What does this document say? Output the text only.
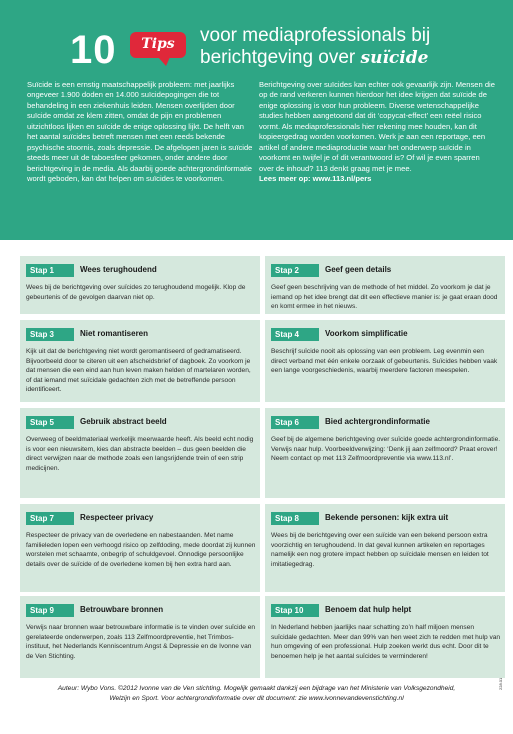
10	Tips	voor mediaprofessionals bij
berichtgeving over suïcide
Suïcide is een ernstig maatschappelijk probleem: met jaarlijks ongeveer 1.900 doden en 14.000 suïcidepogingen die tot behandeling in een ziekenhuis leiden. Mensen overlijden door suïcide omdat ze klem zitten, omdat de pijn en problemen uitzichtloos lijken en suïcide de enige oplossing lijkt. De helft van het aantal suïcides betreft mensen met een reeds bekende psychische stoornis, zoals depressie. De afgelopen jaren is suïcide steeds meer uit de taboesfeer gekomen, onder andere door berichtgeving in de media. Als daarbij goede achtergrondinformatie wordt geboden, kan dat helpen om suïcides te voorkomen.
Berichtgeving over suïcides kan echter ook gevaarlijk zijn. Mensen die op de rand verkeren kunnen hierdoor het idee krijgen dat suïcide de enige oplossing is voor hun probleem. Diverse wetenschappelijke studies hebben aangetoond dat dit ‘copycat-effect’ een reëel risico vormt. Als mediaprofessionals hier rekening mee houden, kan dit kopieergedrag worden voorkomen. Werk je aan een reportage, een artikel of andere mediaproductie waar het onderwerp suïcide in voorkomt en twijfel je of dit verantwoord is? Of wil je even sparren over de inhoud? 113 denkt graag met je mee.
Lees meer op: www.113.nl/pers
Stap 1	Wees terughoudend
Wees bij de berichtgeving over suïcides zo terughoudend mogelijk. Klop de gebeurtenis of de gevolgen daarvan niet op.
Stap 2	Geef geen details
Geef geen beschrijving van de methode of het middel. Zo voorkom je dat je iemand op het idee brengt dat dit een effectieve manier is: je gaat eraan dood en komt ermee in het nieuws.
Stap 3	Niet romantiseren
Kijk uit dat de berichtgeving niet wordt geromantiseerd of gedramatiseerd. Bijvoorbeeld door te citeren uit een afscheidsbrief of dagboek. Zo voorkom je dat mensen die een eind aan hun leven maken helden of martelaren worden, of dat iemand met suïcidale gedachten zich met de betreffende persoon identificeert.
Stap 4	Voorkom simplificatie
Beschrijf suïcide nooit als oplossing van een probleem. Leg evenmin een direct verband met één enkele oorzaak of gebeurtenis. Suïcides hebben vaak een lange voorgeschiedenis, waarbij meerdere factoren meespelen.
Stap 5	Gebruik abstract beeld
Overweeg of beeldmateriaal werkelijk meerwaarde heeft. Als beeld echt nodig is voor een nieuwsitem, kies dan abstracte beelden – dus geen beelden die direct verwijzen naar de methode zoals een langsrijdende trein of een strip medicijnen.
Stap 6	Bied achtergrondinformatie
Geef bij de algemene berichtgeving over suïcide goede achtergrondinformatie. Verwijs naar hulp. Voorbeeldverwijzing: ‘Denk jij aan zelfmoord? Praat erover! Neem contact op met 113 Zelfmoordpreventie via www.113.nl’.
Stap 7	Respecteer privacy
Respecteer de privacy van de overledene en nabestaanden. Met name familieleden lopen een verhoogd risico op zelfdoding, mede doordat zij kunnen worstelen met schaamte, onbegrip of schuldgevoel. Onnodige persoonlijke details over de suïcide of de overledene komen bij hen extra hard aan.
Stap 8	Bekende personen: kijk extra uit
Wees bij de berichtgeving over een suïcide van een bekend persoon extra voorzichtig en terughoudend. In dat geval kunnen artikelen en reportages namelijk een nog grotere impact hebben op suïcidale mensen en leiden tot imitatiegedrag.
Stap 9	Betrouwbare bronnen
Verwijs naar bronnen waar betrouwbare informatie is te vinden over suïcide en gerelateerde onderwerpen, zoals 113 Zelfmoordpreventie, het Trimbos-instituut, het Nederlands Kenniscentrum Angst & Depressie en de Ivonne van de Ven Stichting.
Stap 10	Benoem dat hulp helpt
In Nederland hebben jaarlijks naar schatting zo’n half miljoen mensen suïcidale gedachten. Meer dan 99% van hen weet zich te redden met hulp van hun omgeving of een professional. Hulp zoeken werkt dus echt. Door dit te benoemen help je het aantal suïcides te verminderen!
Auteur: Wybo Vons. ©2012 Ivonne van de Ven stichting. Mogelijk gemaakt dankzij een bijdrage van het Ministerie van Volksgezondheid,
Welzijn en Sport. Voor achtergrondinformatie over dit document: zie www.ivonnevandevenstichting.nl
228.01
